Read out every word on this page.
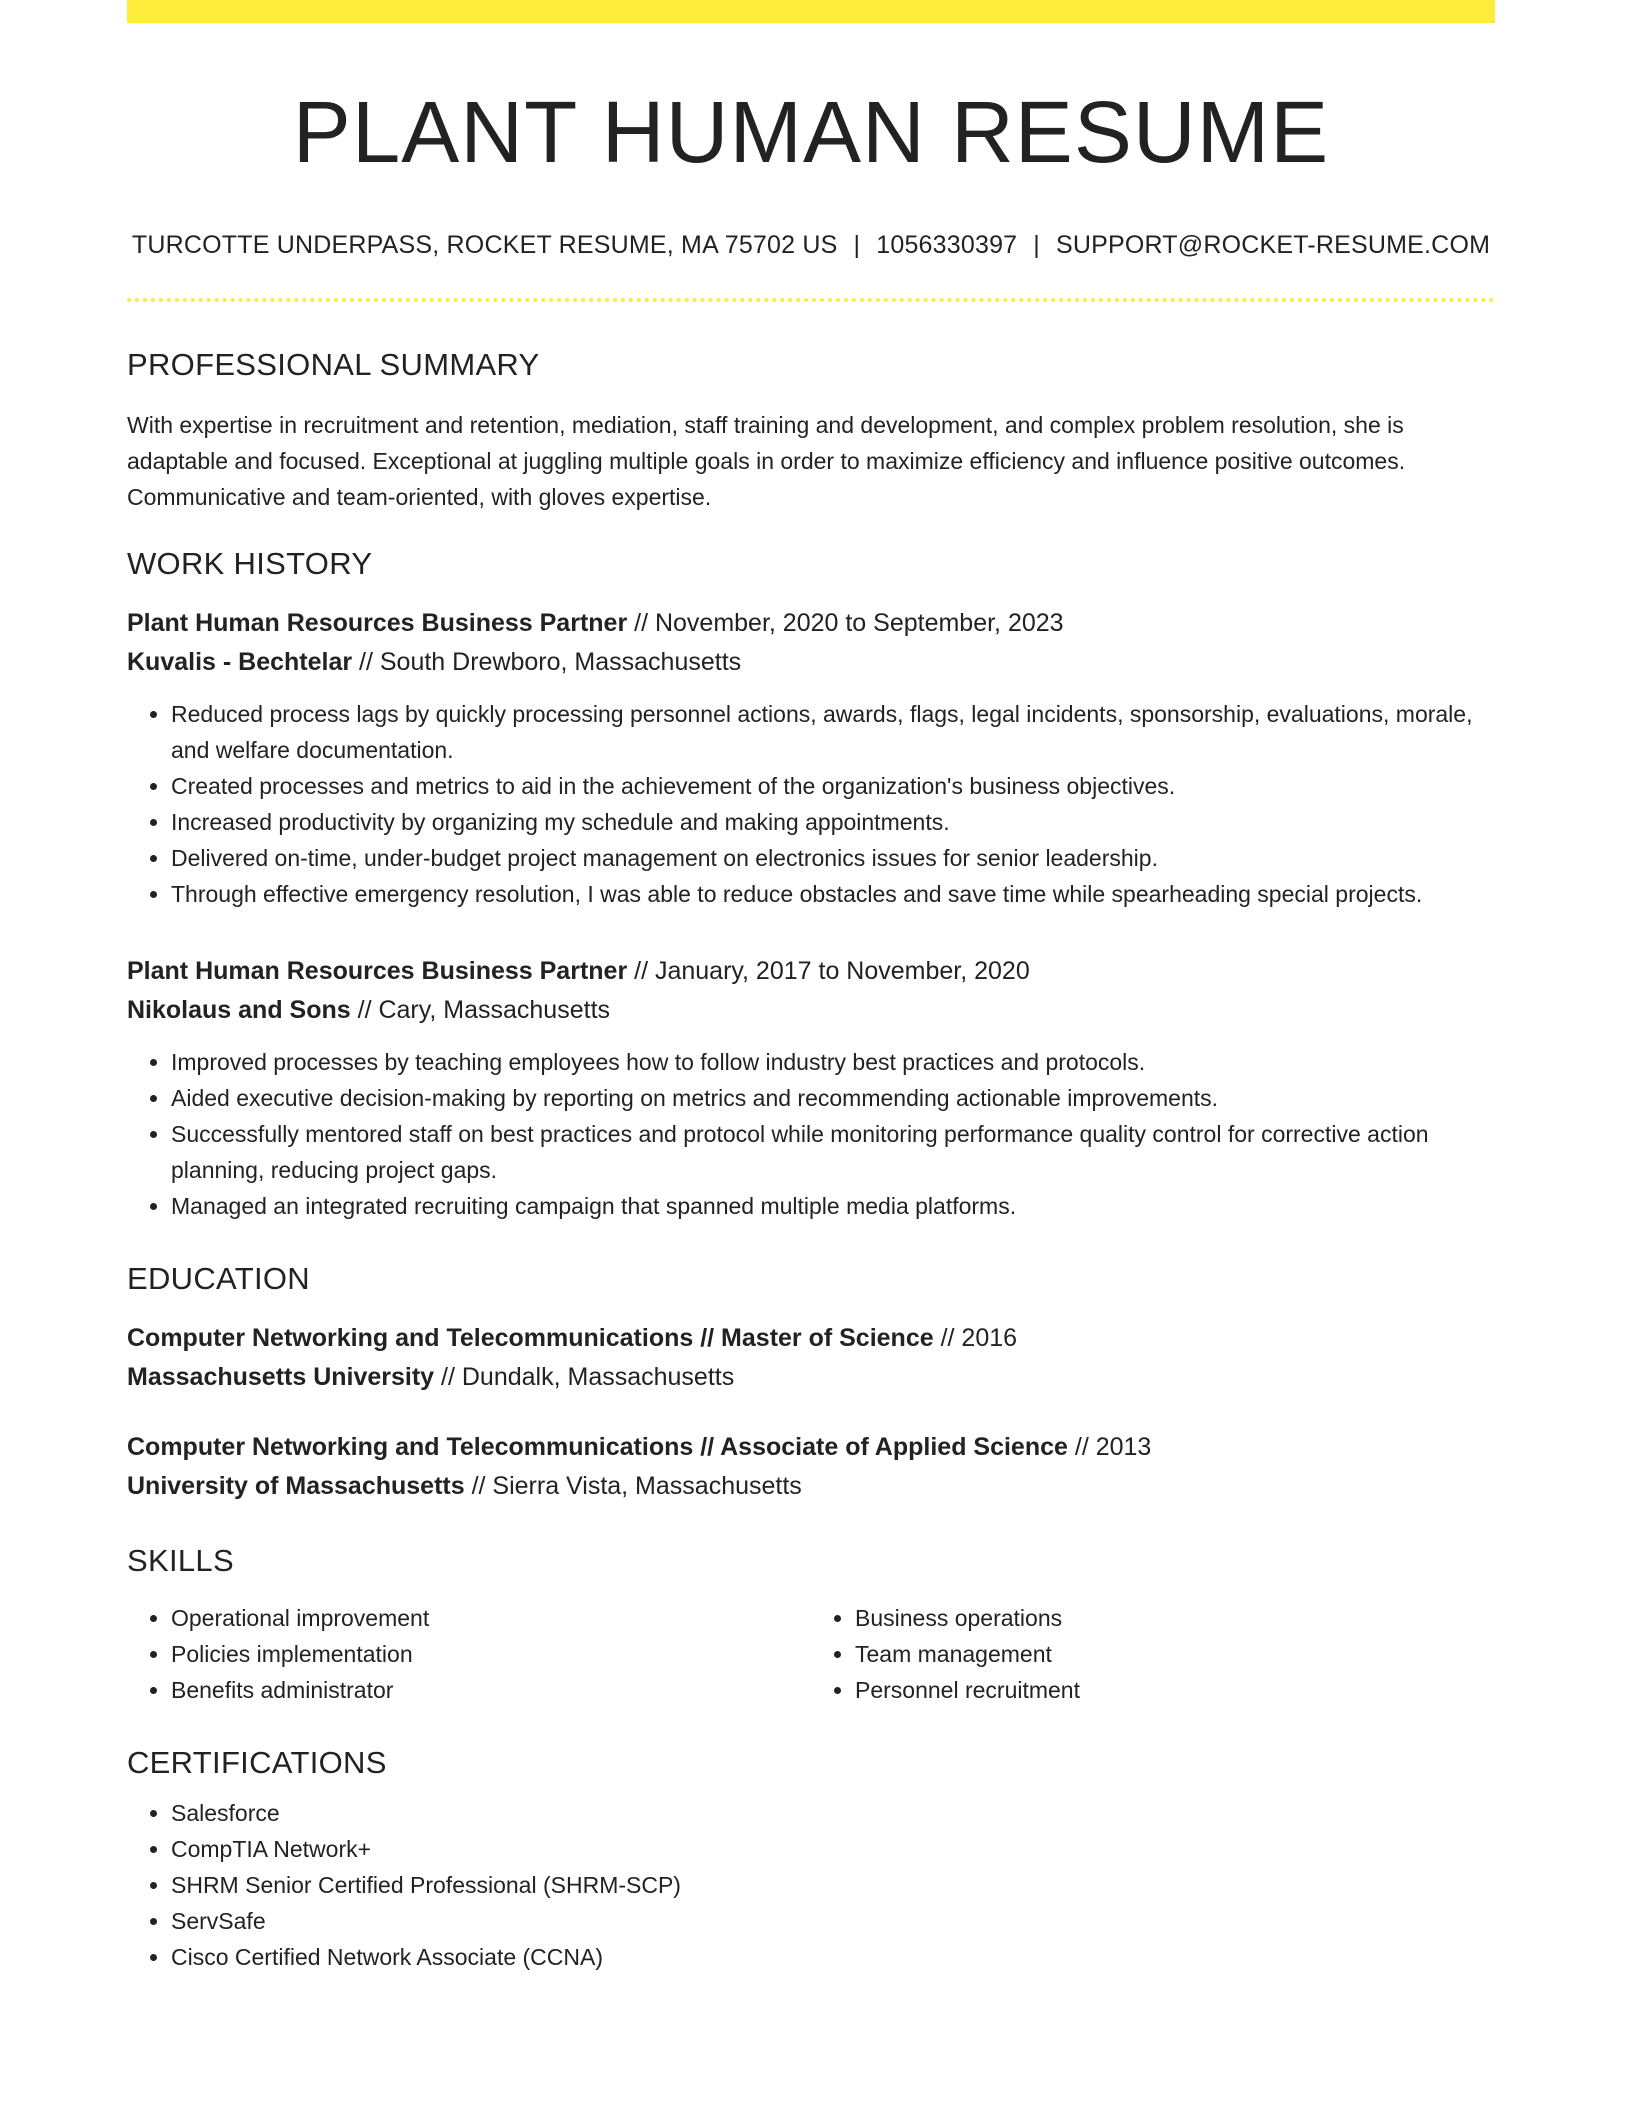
PLANT HUMAN RESUME
TURCOTTE UNDERPASS, ROCKET RESUME, MA 75702 US | 1056330397 | SUPPORT@ROCKET-RESUME.COM
PROFESSIONAL SUMMARY
With expertise in recruitment and retention, mediation, staff training and development, and complex problem resolution, she is adaptable and focused. Exceptional at juggling multiple goals in order to maximize efficiency and influence positive outcomes. Communicative and team-oriented, with gloves expertise.
WORK HISTORY
Plant Human Resources Business Partner // November, 2020 to September, 2023
Kuvalis - Bechtelar // South Drewboro, Massachusetts
• Reduced process lags by quickly processing personnel actions, awards, flags, legal incidents, sponsorship, evaluations, morale, and welfare documentation.
• Created processes and metrics to aid in the achievement of the organization's business objectives.
• Increased productivity by organizing my schedule and making appointments.
• Delivered on-time, under-budget project management on electronics issues for senior leadership.
• Through effective emergency resolution, I was able to reduce obstacles and save time while spearheading special projects.
Plant Human Resources Business Partner // January, 2017 to November, 2020
Nikolaus and Sons // Cary, Massachusetts
• Improved processes by teaching employees how to follow industry best practices and protocols.
• Aided executive decision-making by reporting on metrics and recommending actionable improvements.
• Successfully mentored staff on best practices and protocol while monitoring performance quality control for corrective action planning, reducing project gaps.
• Managed an integrated recruiting campaign that spanned multiple media platforms.
EDUCATION
Computer Networking and Telecommunications // Master of Science // 2016
Massachusetts University // Dundalk, Massachusetts
Computer Networking and Telecommunications // Associate of Applied Science // 2013
University of Massachusetts // Sierra Vista, Massachusetts
SKILLS
• Operational improvement
• Policies implementation
• Benefits administrator
• Business operations
• Team management
• Personnel recruitment
CERTIFICATIONS
• Salesforce
• CompTIA Network+
• SHRM Senior Certified Professional (SHRM-SCP)
• ServSafe
• Cisco Certified Network Associate (CCNA)
